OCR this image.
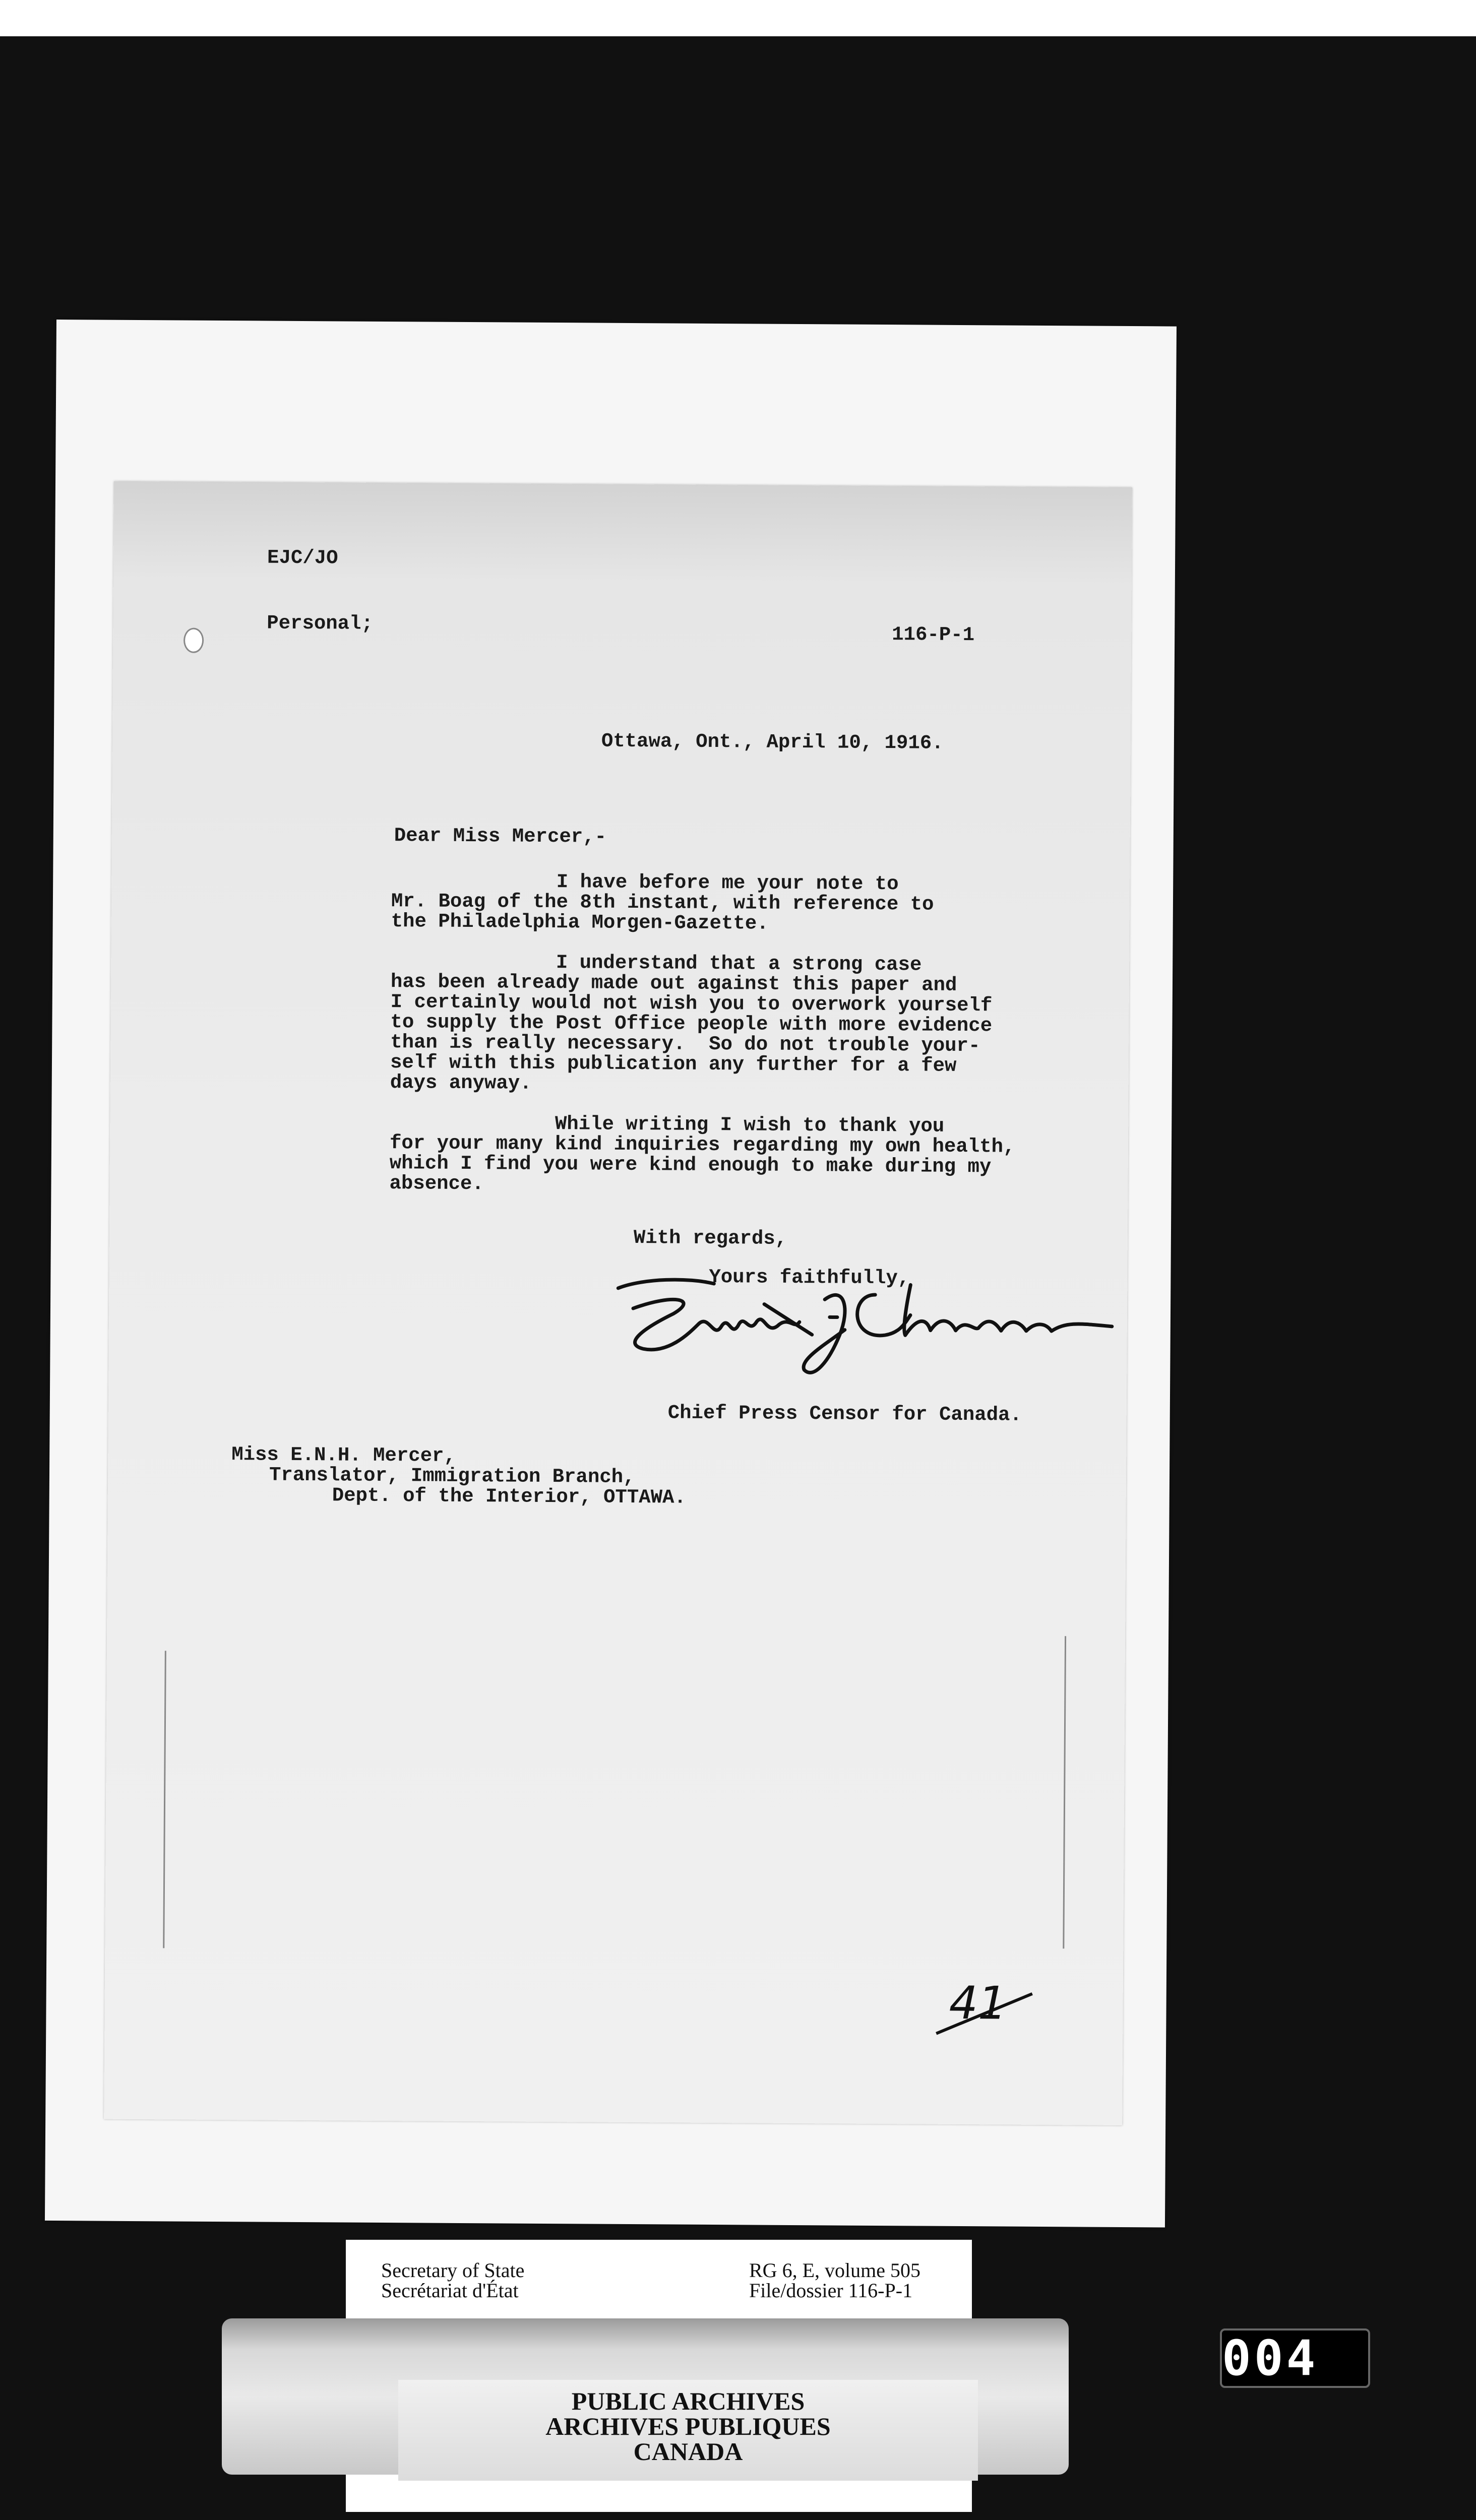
EJC/JO
Personal;	116-P-1
Ottawa, Ont., April 10, 1916.
Dear Miss Mercer,-
I have before me your note to
Mr. Boag of the 8th instant, with reference to
the Philadelphia Morgen-Gazette.
I understand that a strong case
has been already made out against this paper and
I certainly would not wish you to overwork yourself
to supply the Post Office people with more evidence
than is really necessary.  So do not trouble your-
self with this publication any further for a few
days anyway.
While writing I wish to thank you
for your many kind inquiries regarding my own health,
which I find you were kind enough to make during my
absence.
With regards,
Yours faithfully,
Chief Press Censor for Canada.
Miss E.N.H. Mercer,
Translator, Immigration Branch,
Dept. of the Interior, OTTAWA.
41
Secretary of State
Secrétariat d'État
RG 6, E, volume 505
File/dossier 116-P-1
PUBLIC ARCHIVES
ARCHIVES PUBLIQUES
CANADA
004
